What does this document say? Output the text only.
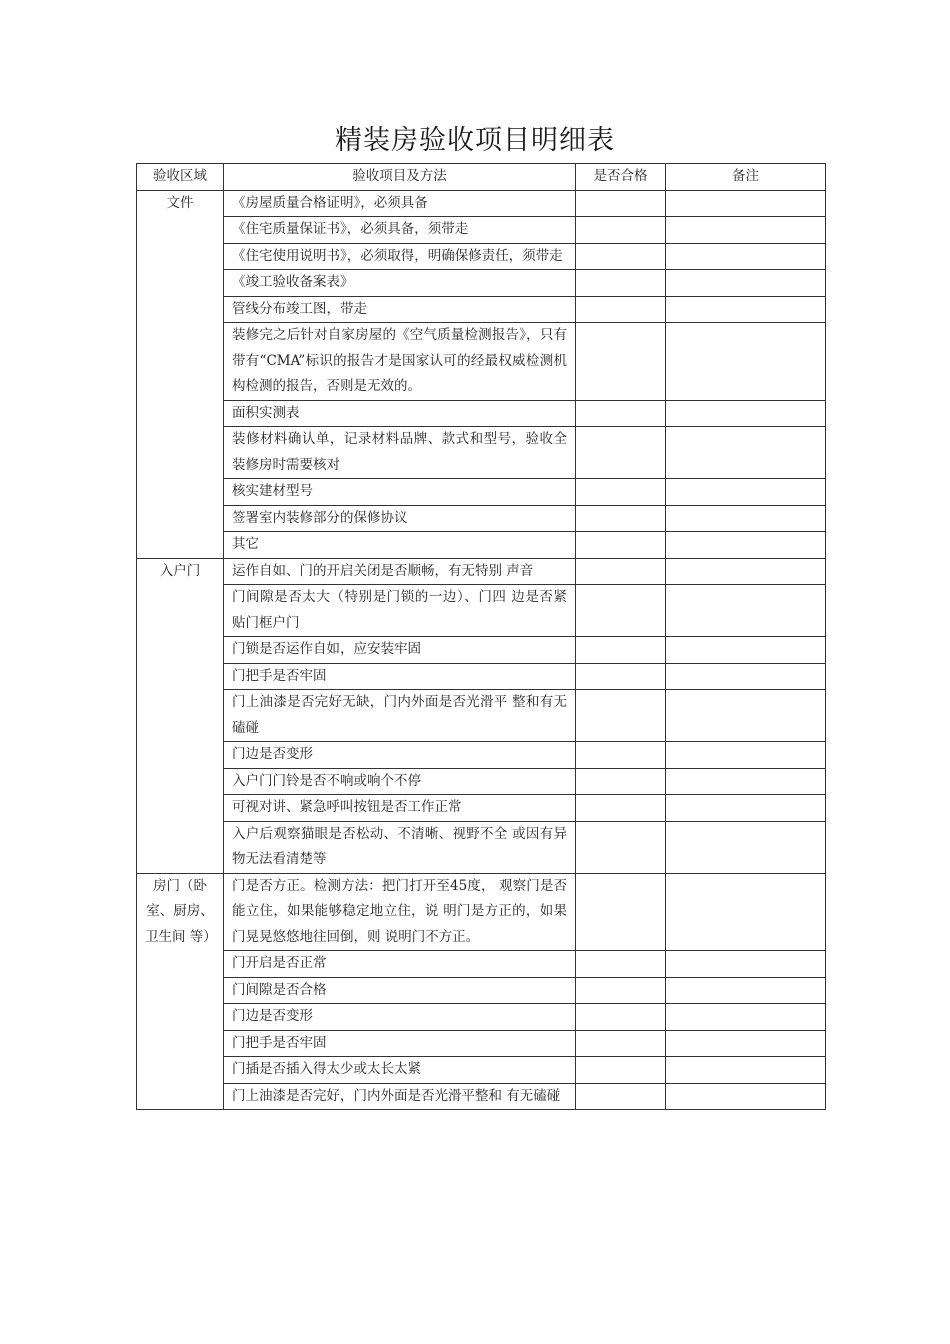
精装房验收项目明细表
验收区域	验收项目及方法	是否合格	备注
文件	《房屋质量合格证明》，必须具备		
	《住宅质量保证书》，必须具备，须带走		
	《住宅使用说明书》，必须取得，明确保修责任，须带走		
	《竣工验收备案表》		
	管线分布竣工图，带走		
	装修完之后针对自家房屋的《空气质量检测报告》，只有带有“CMA”标识的报告才是国家认可的经最权威检测机构检测的报告，否则是无效的。		
	面积实测表		
	装修材料确认单，记录材料品牌、款式和型号，验收全装修房时需要核对		
	核实建材型号		
	签署室内装修部分的保修协议		
	其它		
入户门	运作自如、门的开启关闭是否顺畅，有无特别 声音		
	门间隙是否太大（特别是门锁的一边）、门四 边是否紧贴门框户门		
	门锁是否运作自如，应安装牢固		
	门把手是否牢固		
	门上油漆是否完好无缺，门内外面是否光滑平 整和有无磕碰		
	门边是否变形		
	入户门门铃是否不响或响个不停		
	可视对讲、紧急呼叫按钮是否工作正常		
	入户后观察猫眼是否松动、不清晰、视野不全 或因有异物无法看清楚等		
房门（卧室、厨房、 卫生间 等）	门是否方正。检测方法：把门打开至45度， 观察门是否能立住，如果能够稳定地立住，说 明门是方正的，如果门晃晃悠悠地往回倒，则 说明门不方正。		
	门开启是否正常		
	门间隙是否合格		
	门边是否变形		
	门把手是否牢固		
	门插是否插入得太少或太长太紧		
	门上油漆是否完好，门内外面是否光滑平整和 有无磕碰		
